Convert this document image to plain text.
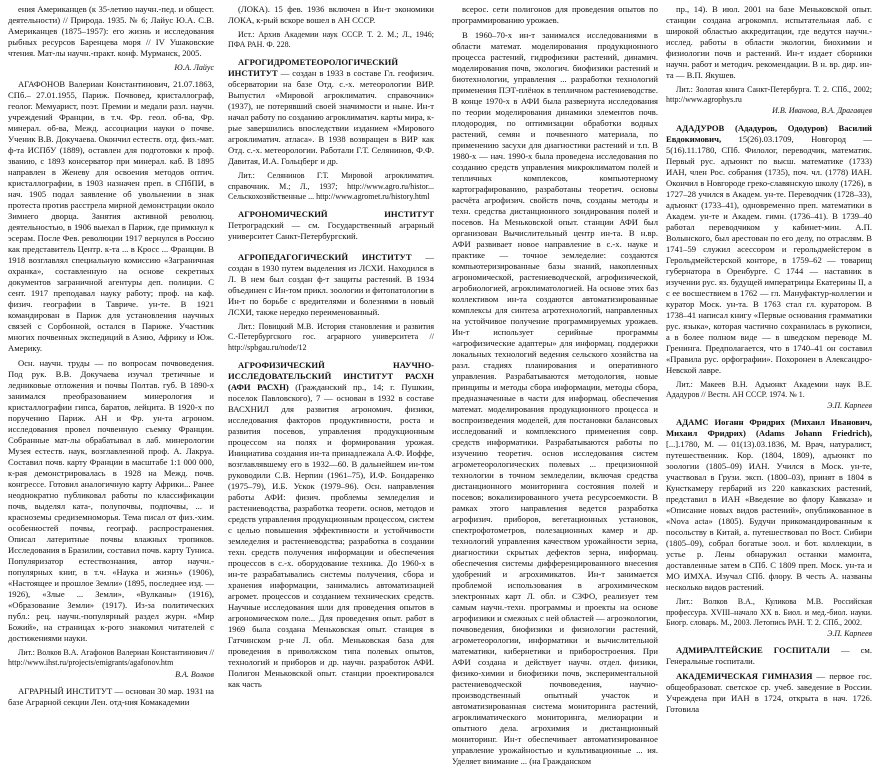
ения Американцев (к 35-летию научн.-пед. и общест. деятельности) // Природа. 1935. № 6; Лайус Ю.А. С.В. Американцев (1875–1957): его жизнь и исследования рыбных ресурсов Баренцева моря // IV Ушаковские чтения. Мат-лы научн.-практ. конф. Мурманск, 2005.

Ю.А. Лайус

АГАФОНОВ Валериан Константинович, 21.07.1863, СПб.– 27.01.1955, Париж. Почвовед, кристаллограф, геолог. Мемуарист, поэт. Премии и медали разл. научн. учреждений Франции, в т.ч. Фр. геол. об-ва, Фр. минерал. об-ва, Межд. ассоциации науки о почве. Ученик В.В. Докучаева. Окончил естеств. отд. физ.-мат. ф-та ИСПбУ (1889), оставлен для подготовки к проф. званию, с 1893 консерватор при минерал. каб. В 1895 направлен в Женеву для освоения методов оптич. кристаллографии, в 1903 назначен преп. в СПбПИ, в нач. 1905 подал заявление об увольнении в знак протеста против расстрела мирной демонстрации около Зимнего дворца. Занятия активной революц. деятельностью, в 1906 выехал в Париж, где примкнул к эсерам. После Фев. революции 1917 вернулся в Россию как представитель Центр. к-та ... в Кросс ... Франции. В 1918 возглавлял специальную комиссию «Заграничная охранка», составленную на основе секретных документов заграничной агентуры деп. полиции. С сент. 1917 преподавал науку работу; проф. на каф. физич. географии в Тавриче. ун-те. В 1921 командирован в Париж для установления научных связей с Сорбонной, остался в Париже. Участник многих почвенных экспедиций в Азию, Африку и Юж. Америку.

Осн. научн. труды — по вопросам почвоведения. Под рук. В.В. Докучаева изучал третичные и ледниковые отложения и почвы Полтав. губ. В 1890-х занимался преобразованием минерология и кристаллографии гипса, баратов, лейцита. В 1920-х по поручению Париж. АН и Фр. ун-та агроном. исследования провел почвенную съемку Франции. Собранные мат-лы обрабатывал в лаб. минерологии Музея естеств. наук, возглавленной проф. А. Лакруа. Составил почв. карту Франции в масштабе 1:1 000 000, к-рая демонстрировалась в 1928 на Межд. почв. конгрессе. Готовил аналогичную карту Африки... Ранее неоднократно публиковал работы по классификации почв, выделял ката-, полупочвы, подпочвы, ... и красноземы средиземноморья. Тема писал от физ.-хим. особенностей почвы, географ. распространения. Описал латеритные почвы влажных тропиков. Исследования в Бразилии, составил почв. карту Туниса. Популяризатор естествознания, автор научн.-популярных книг, в т.ч. «Наука и жизнь» (1906), «Настоящее и прошлое Земли» (1895, последнее изд. — 1926), «Злые ... Земли», «Вулканы» (1916), «Образование Земли» (1917). Из-за политических публ.: рец. научн.-популярный раздел журн. «Мир Божий», на страницах к-рого знакомил читателей с достижениями науки.

Лит.: Волков В.А. Агафонов Валериан Константинович // http://www.ihst.ru/projects/emigrants/agafonov.htm

В.А. Волков

АГРАРНЫЙ ИНСТИТУТ — основан 30 мар. 1931 на базе Аграрной секции Лен. отд-ния Комакадемии

(ЛОКА). 15 фев. 1936 включен в Ин-т экономики ЛОКА, к-рый вскоре вошел в АН СССР.

Ист.: Архив Академии наук СССР. Т. 2. М.; Л., 1946; ПФА РАН. Ф. 228.

АГРОГИДРОМЕТЕОРОЛОГИЧЕСКИЙ ИНСТИТУТ — создан в 1933 в составе Гл. геофизич. обсерватории на базе Отд. с.-х. метеорологии ВИР. Выпустил «Мировой агроклиматич. справочник» (1937), не потерявший своей значимости и ныне. Ин-т начал работу по созданию агроклиматич. карты мира, к-рые завершились впоследствии изданием «Мирового агроклиматич. атласа». В 1938 возвращен в ВИР как Отд. с.-х. метеорологии. Работали Г.Т. Селянинов, Ф.Ф. Давитая, И.А. Гольцберг и др.

Лит.: Селянинов Г.Т. Мировой агроклиматич. справочник. М.; Л., 1937; http://www.agro.ru/histor... Сельскохозяйственные ... http://www.agromet.ru/history.html

АГРОНОМИЧЕСКИЙ ИНСТИТУТ Петроградский — см. Государственный аграрный университет Санкт-Петербургский.

АГРОПЕДАГОГИЧЕСКИЙ ИНСТИТУТ — создан в 1930 путем выделения из ЛСХИ. Находился в Л. В нем был создан ф-т защиты растений. В 1934 объединен с Ин-том прикл. зоологии и фитопатологии в Ин-т по борьбе с вредителями и болезнями в новый ЛСХИ, также нередко переименованный.

Лит.: Повицкий М.В. История становления и развития С.-Петербургского гос. аграрного университета // http://spbgau.ru/node/12

АГРОФИЗИЧЕСКИЙ НАУЧНО-ИССЛЕДОВАТЕЛЬСКИЙ ИНСТИТУТ РАСХН (АФИ РАСХН) (Гражданский пр., 14; г. Пушкин, поселок Павловского), 7 — основан в 1932 в составе ВАСХНИЛ для развития агрономич. физики, исследования факторов продуктивности, роста и развития посевов, управления продукционным процессом на полях и формирования урожая. Инициатива создания ин-та принадлежала А.Ф. Иоффе, возглавлявшему его в 1932—60. В дальнейшем ин-том руководили С.В. Нерпин (1961–75), И.Ф. Бондаренко (1975–79), И.Б. Ускок (1979–96). Осн. направления работы АФИ: физич. проблемы земледелия и растениеводства, разработка теорети. основ, методов и средств управления продукционным процессом, систем с целью повышения эффективности и устойчивости земледелия и растениеводства; разработка в создании техн. средств получения информации и обеспечения процессов в с.-х. оборудование техника. До 1960-х в ин-те разрабатывались системы получения, сбора и хранения информации, занимались автоматизацией агромет. процессов и созданием технических средств. Научные исследования шли для проведения опытов в агрономическом поле... Для проведения опыт. работ в 1969 была создана Меньковская опыт. станция в Гатчинском р-не Л. обл. Меньковская база для проведения в приволжском типа полевых опытов, технологий и приборов и др. научн. разработок АФИ. Полигон Меньковской опыт. станции проектировался как часть

всерос. сети полигонов для проведения опытов по программированию урожаев.

В 1960–70-х ин-т занимался исследованиями в области математ. моделирования продукционного процесса растений, гидрофизики растений, динамич. моделирования почв, экологич. биофизики растений и биотехнологии, управления ... разработки технологий применения ПЭТ-плёнок в тепличном растениеводстве. В конце 1970-х в АФИ была развернута исследования по теории моделирования динамики элементов почв. плодородия, по оптимизации обработки водных растений, семян и почвенного материала, по применению засухи для диагностики растений и т.п. В 1980-х — нач. 1990-х была проведена исследования по созданию средств управления микроклиматом полей и тепличных комплексов, компьютерному картографированию, разработаны теоретич. основы расчёта агрофизич. свойств почв, созданы методы и техн. средства дистанционного зондирования полей и посевов. На Меньковской опыт. станции АФИ был организован Вычислительный центр ин-та. В н.вр. АФИ развивает новое направление в с.-х. науке и практике — точное земледелие: создаются компьютеризированные базы знаний, накопленных агрономической, растениеводческой, агрофизической, агробиологией, агроклиматологией. На основе этих баз коллективом ин-та создаются автоматизированные комплексы для синтеза агротехнологий, направленных на устойчивое получение программируемых урожаев. Ин-т использует серийные программы «агрофизические адаптеры» для информац. поддержки локальных технологий ведения сельского хозяйства на разл. стадиях планирования и оперативного управления. Разрабатываются методология, новые принципы и методы сбора информации, методы сбора, предназначенные в части для информац. обеспечения математ. моделирования продукционного процесса и воспроизведения моделей, для постановки балансовых исследований и комплексного применения совр. средств информатики. Разрабатываются работы по изучению теоретич. основ исследования систем агрометеорологических полевых ... прецизионной технологии в точном земледелии, включая средства дистанционного мониторинга состояния полей и посевов; вокализированного учета ресурсоемкости. В рамках этого направления ведется разработка агрофизич. приборов, вегетационных установок, спектрофотометров, полезационных камер и др. технологий управления качеством урожайности зерна, диагностики скрытых дефектов зерна, информац. обеспечения системы дифференцированного внесения удобрений и агрохимикатов. Ин-т занимается проблемой использования в агрохимическом электронных карт Л. обл. и СЗФО, реализует тем самым научн.-техн. программы и проекты на основе агрофизики и смежных с ней областей — агроэкологии, почвоведения, биофизики и физиологии растений, агрометеорологии, информатики и вычислительной математики, кибернетики и приборостроения. При АФИ создана и действует научн. отдел. физики, физико-химии и биофизики почв, экспериментальной растениеводческой почвоведения, научно-производственный опытный участок и автоматизированная система мониторинга растений, агроклиматического мониторинга, мелиорации и опытного дела. агрохимия и дистанционный мониторинг. Ин-т обеспечивает автоматизированное управление урожайностью и культивационные ... ия. Уделяет внимание ... (на Гражданском

пр., 14). В июл. 2001 на базе Меньковской опыт. станции создана агрокомпл. испытательная лаб. с широкой областью аккредитации, где ведутся научн.-исслед. работы в области экологии, биохимии и физиологии почв и растений. Ин-т издает сборники научн. работ и методич. рекомендации. В н. вр. дир. ин-та — В.П. Якушев.

Лит.: Золотая книга Санкт-Петербурга. Т. 2. СПб., 2002; http://www.agrophys.ru

И.В. Иванова, В.А. Драгавцев

АДАДУРОВ (Ададуров, Ододуров) Василий Евдокимович, 15(26).03.1709, Новгород — 5(16).11.1780, СПб. Филолог, переводчик, математик. Первый рус. адъюнкт по высш. математике (1733) ИАН, член Рос. собрания (1735), поч. чл. (1778) ИАН. Окончил в Новгороде греко-славянскую школу (1726), в 1727–28 учился в Академ. ун-те. Переводчик (1728–33), адъюнкт (1733–41), одновременно преп. математики в Академ. ун-те и Академ. гимн. (1736–41). В 1739–40 работал переводчиком у кабинет-мин. А.П. Волынского, был арестован по его делу, по отраслям. В 1741–59 служил асессором и герольдмейстером в Герольдмейстерской конторе, в 1759–62 — товарищ губернатора в Оренбурге. С 1744 — наставник в изучении рус. яз. будущей императрицы Екатерины II, а с ее восшествием в 1762 — гл. Мануфактур-коллегии и куратор Моск. ун-та. В 1763 стал гл. куратором. В 1738–41 написал книгу «Первые основания грамматики рус. языка», которая частично сохранилась в рукописи, а в более полном виде — в шведском переводе М. Гренинга. Предполагается, что в 1740–41 он составил «Правила рус. орфографии». Похоронен в Александро-Невской лавре.

Лит.: Макеев В.Н. Адъюнкт Академии наук В.Е. Ададуров // Вестн. АН СССР. 1974. № 1.

Э.П. Карпеев

АДАМС Иоганн Фридрих (Михаил Иванович, Михаил Фридрих) (Adams Johann Friedrich), [...].1780, М. — 01(13).03.1836, М. Врач, натуралист, путешественник. Кор. (1804, 1809), адъюнкт по зоологии (1805–09) ИАН. Учился в Моск. ун-те, участвовал в Грузи. эксп. (1800–03), принят в 1804 в Кунсткамеру гербарий из 220 кавказских растений, представил в ИАН «Введение во флору Кавказа» и «Описание новых видов растений», опубликованное в «Nova acta» (1805). Будучи прикомандированным к посольству в Китай, а. путешествовал по Вост. Сибири (1805–09), собрал богатые зоол. и бот. коллекции, в устье р. Лены обнаружил останки мамонта, доставленные затем в СПб. С 1809 преп. Моск. ун-та и МО ИМХА. Изучал СПб. флору. В честь А. названы несколько видов растений.

Лит.: Волков В.А., Куликова М.В. Российская профессура. XVIII–начало XX в. Биол. и мед.-биол. науки. Биогр. словарь. М., 2003. Летопись РАН. Т. 2. СПб., 2002.

Э.П. Карпеев

АДМИРАЛТЕЙСКИЕ ГОСПИТАЛИ — см. Генеральные госпитали.

АКАДЕМИЧЕСКАЯ ГИМНАЗИЯ — первое гос. общеобразоват. светское ср. учеб. заведение в России. Учреждена при ИАН в 1724, открыта в нач. 1726. Готовила
